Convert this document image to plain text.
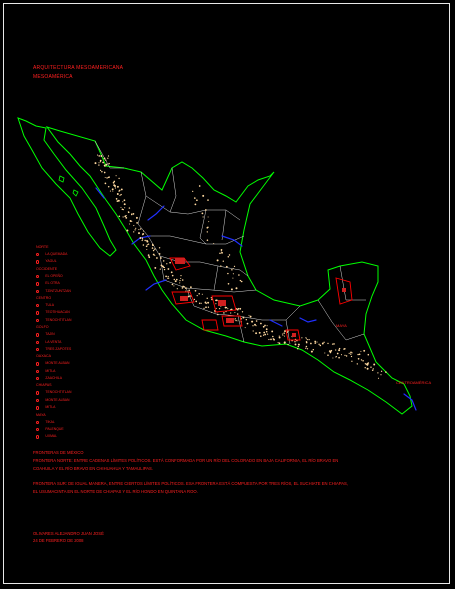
ARQUITECTURA MESOAMERICANA
MESOAMÉRICA
MAYA
CENTROAMÉRICA
NORTE
LA QUEMADA
YAGUL
OCCIDENTE
EL OPEÑO
EL OTRA
TZINTZUNTZAN
CENTRO
TULA
TEOTIHUACAN
TENOCHTITLAN
GOLFO
TAJIN
LA VENTA
TRES ZAPOTES
OAXACA
MONTE ALBAN
MITLA
ZAACHILA
CHIAPAS
TENOCHTITLAN
MONTE ALBAN
MITLA
MAYA
TIKAL
PALENQUE
UXMAL
FRONTERAS DE MÉXICO
FRONTERA NORTE: ENTRE CADENAS LÍMITES POLÍTICOS. ESTÁ CONFORMADA POR UN RÍO DEL COLORADO EN BAJA CALIFORNIA, EL RÍO BRAVO EN
COAHUILA Y EL RÍO BRAVO EN CHIHUAHUA Y TAMAULIPAS.
FRONTERA SUR: DE IGUAL MANERA, ENTRE CIERTOS LÍMITES POLÍTICOS. ESA FRONTERA ESTÁ COMPUESTA POR TRES RÍOS, EL SUCHIATE EN CHIAPAS,
EL USUMACINTA EN EL NORTE DE CHIAPAS Y EL RÍO HONDO EN QUINTANA ROO.
OLIVARES ALEJANDRO JUAN JOSÉ
24 DE FEBRERO DE 2008
